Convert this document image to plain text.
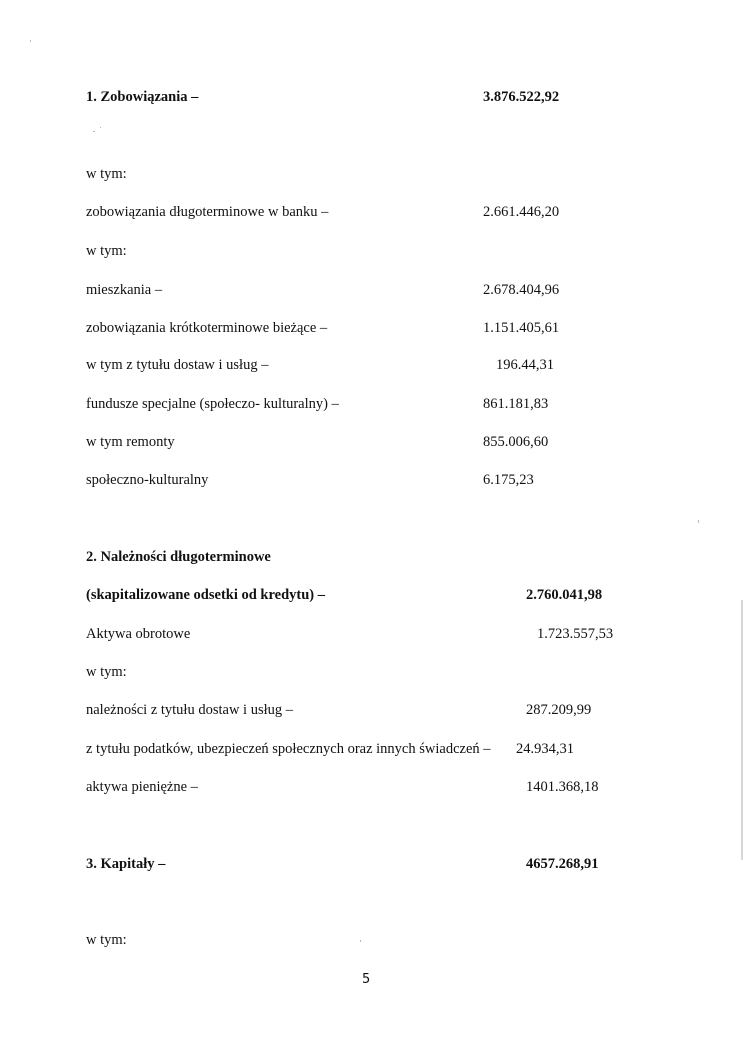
1. Zobowiązania –	3.876.522,92
w tym:
zobowiązania długoterminowe w banku –	2.661.446,20
w tym:
mieszkania –	2.678.404,96
zobowiązania krótkoterminowe bieżące –	1.151.405,61
w tym z tytułu dostaw i usług –	196.44,31
fundusze specjalne (społeczo- kulturalny) –	861.181,83
w tym remonty	855.006,60
społeczno-kulturalny	6.175,23
2. Należności długoterminowe
(skapitalizowane odsetki od kredytu) –	2.760.041,98
Aktywa obrotowe	1.723.557,53
w tym:
należności z tytułu dostaw i usług –	287.209,99
z tytułu podatków, ubezpieczeń społecznych oraz innych świadczeń – 24.934,31
aktywa pieniężne –	1401.368,18
3. Kapitały –	4657.268,91
w tym:
5
